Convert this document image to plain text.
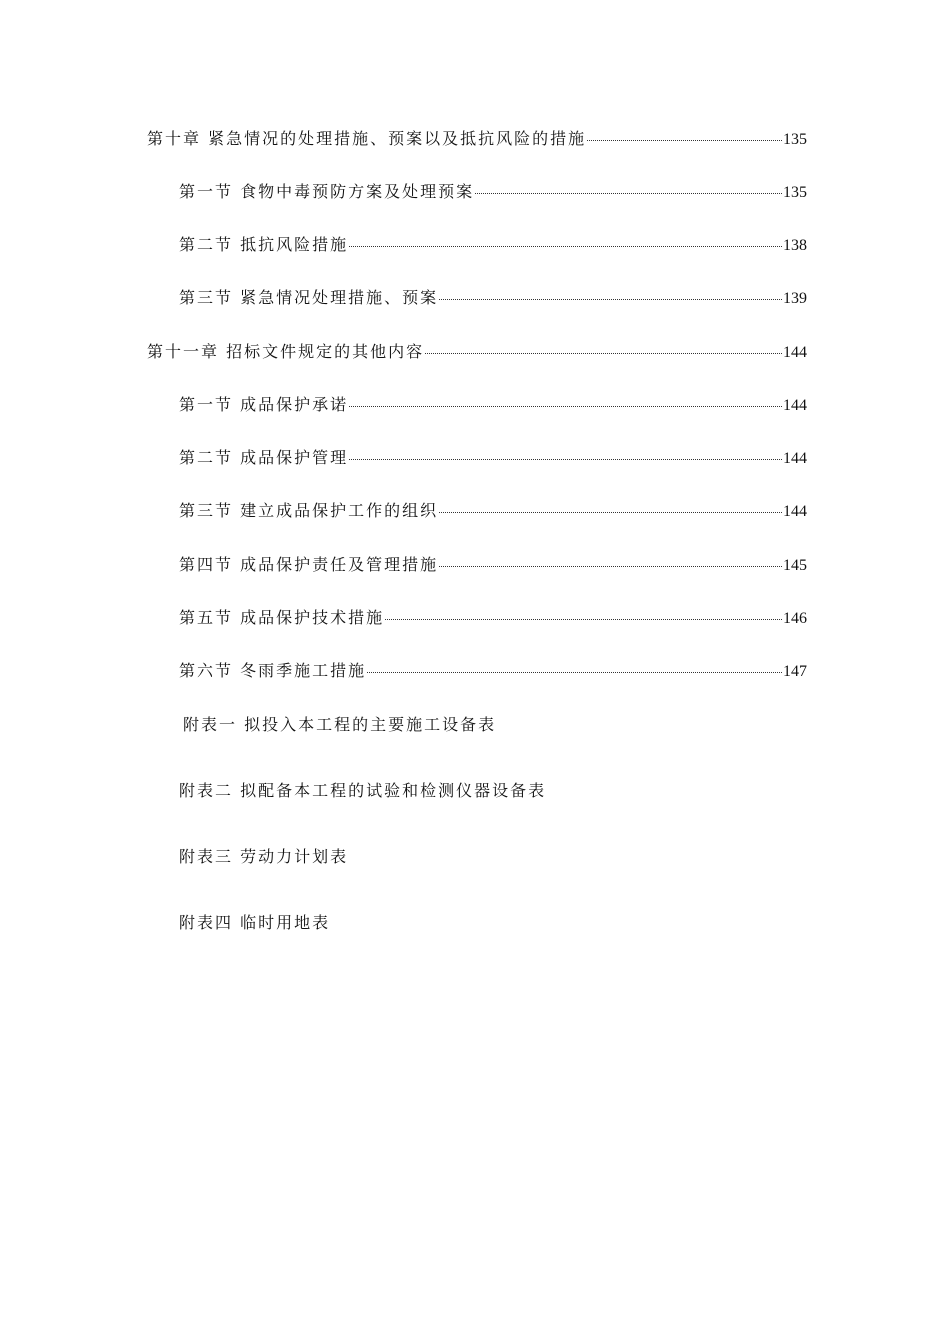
第十章 紧急情况的处理措施、预案以及抵抗风险的措施	135
第一节 食物中毒预防方案及处理预案	135
第二节 抵抗风险措施	138
第三节 紧急情况处理措施、预案	139
第十一章 招标文件规定的其他内容	144
第一节 成品保护承诺	144
第二节 成品保护管理	144
第三节 建立成品保护工作的组织	144
第四节 成品保护责任及管理措施	145
第五节 成品保护技术措施	146
第六节 冬雨季施工措施	147
附表一 拟投入本工程的主要施工设备表
附表二 拟配备本工程的试验和检测仪器设备表
附表三 劳动力计划表
附表四 临时用地表
